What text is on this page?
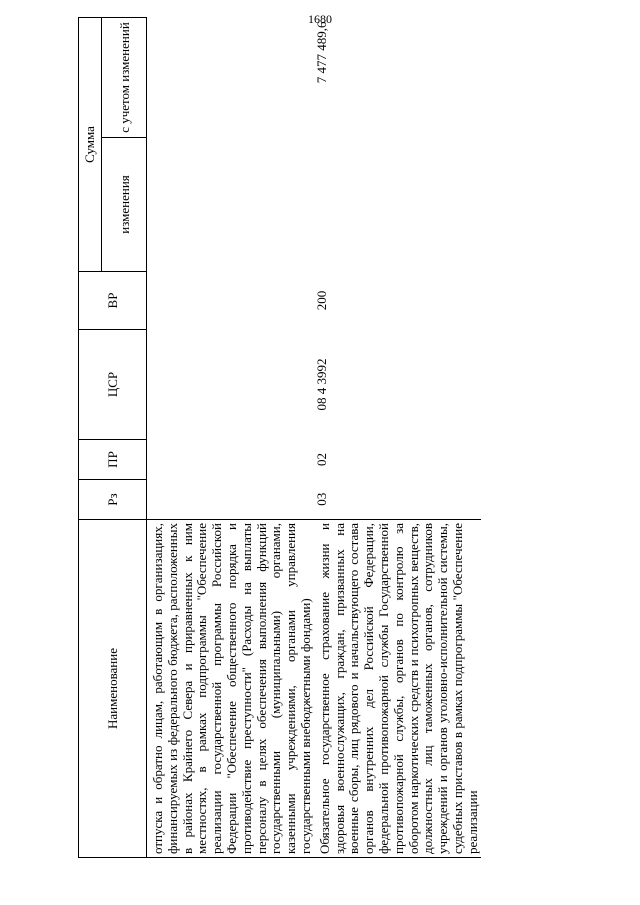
1680
Наименование	Рз	ПР	ЦСР	ВР	Сумма	
					изменения	с учетом изменений

отпуска и обратно лицам, работающим в организациях, финансируемых из федерального бюджета, расположенных в районах Крайнего Севера и приравненных к ним местностях, в рамках подпрограммы "Обеспечение реализации государственной программы Российской Федерации "Обеспечение общественного порядка и противодействие преступности" (Расходы на выплаты персоналу в целях обеспечения выполнения функций государственными (муниципальными) органами, казенными учреждениями, органами управления государственными внебюджетными фондами)						

Обязательное государственное страхование жизни и здоровья военнослужащих, граждан, призванных на военные сборы, лиц рядового и начальствующего состава органов внутренних дел Российской Федерации, федеральной противопожарной службы Государственной противопожарной службы, органов по контролю за оборотом наркотических средств и психотропных веществ, должностных лиц таможенных органов, сотрудников учреждений и органов уголовно-исполнительной системы, судебных приставов в рамках подпрограммы "Обеспечение реализации	03	02	08 4 3992	200		7 477 489,6
